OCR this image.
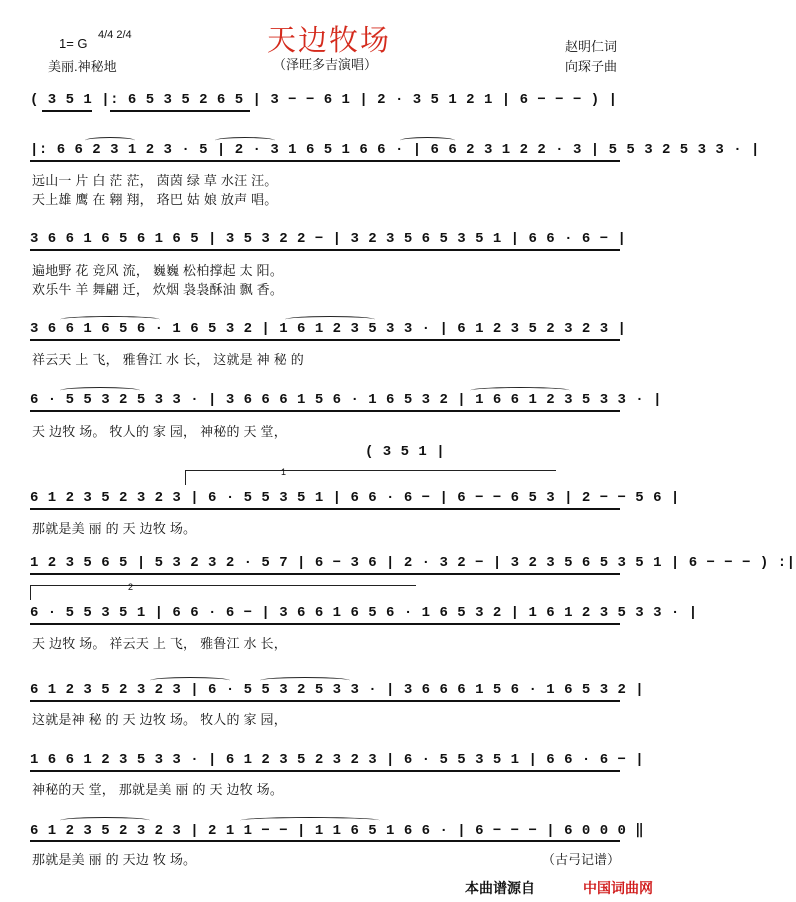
天边牧场
（泽旺多吉演唱）
1= G
4/4 2/4
美丽.神秘地
赵明仁词
向琛子曲
( 3 5 1 |: 6 5 3 5 2 6 5 | 3 − − 6 1 | 2 · 3 5 1 2 1 | 6 − − − ) |
|: 6 6 2 3 1 2 3 · 5 | 2 · 3 1 6 5 1 6 6 · | 6 6 2 3 1 2 2 · 3 | 5 5 3 2 5 3 3 · |
远山一 片 白 茫 茫， 茵茵 绿 草 水汪 汪。
天上雄 鹰 在 翱 翔， 珞巴 姑 娘 放声 唱。
3 6 6 1 6 5 6 1 6 5 | 3 5 3 2 2 − | 3 2 3 5 6 5 3 5 1 | 6 6 · 6 − |
遍地野 花 竞风 流， 巍巍 松柏撑起 太 阳。
欢乐牛 羊 舞翩 迁， 炊烟 袅袅酥油 飘 香。
3 6 6 1 6 5 6 · 1 6 5 3 2 | 1 6 1 2 3 5 3 3 · | 6 1 2 3 5 2 3 2 3 |
祥云天 上 飞， 雅鲁江 水 长， 这就是 神 秘 的
6 · 5 5 3 2 5 3 3 · | 3 6 6 6 1 5 6 · 1 6 5 3 2 | 1 6 6 1 2 3 5 3 3 · |
天 边牧 场。 牧人的 家 园， 神秘的 天 堂，
( 3 5 1 |
1
6 1 2 3 5 2 3 2 3 | 6 · 5 5 3 5 1 | 6 6 · 6 − | 6 − − 6 5 3 | 2 − − 5 6 |
那就是美 丽 的 天 边牧 场。
1 2 3 5 6 5 | 5 3 2 3 2 · 5 7 | 6 − 3 6 | 2 · 3 2 − | 3 2 3 5 6 5 3 5 1 | 6 − − − ) :|
2
6 · 5 5 3 5 1 | 6 6 · 6 − | 3 6 6 1 6 5 6 · 1 6 5 3 2 | 1 6 1 2 3 5 3 3 · |
天 边牧 场。 祥云天 上 飞， 雅鲁江 水 长，
6 1 2 3 5 2 3 2 3 | 6 · 5 5 3 2 5 3 3 · | 3 6 6 6 1 5 6 · 1 6 5 3 2 |
这就是神 秘 的 天 边牧 场。 牧人的 家 园，
1 6 6 1 2 3 5 3 3 · | 6 1 2 3 5 2 3 2 3 | 6 · 5 5 3 5 1 | 6 6 · 6 − |
神秘的天 堂， 那就是美 丽 的 天 边牧 场。
6 1 2 3 5 2 3 2 3 | 2 1 1 − − | 1 1 6 5 1 6 6 · | 6 − − − | 6 0 0 0 ‖
那就是美 丽 的 天边 牧 场。	（古弓记谱）
本曲谱源自	中国词曲网
